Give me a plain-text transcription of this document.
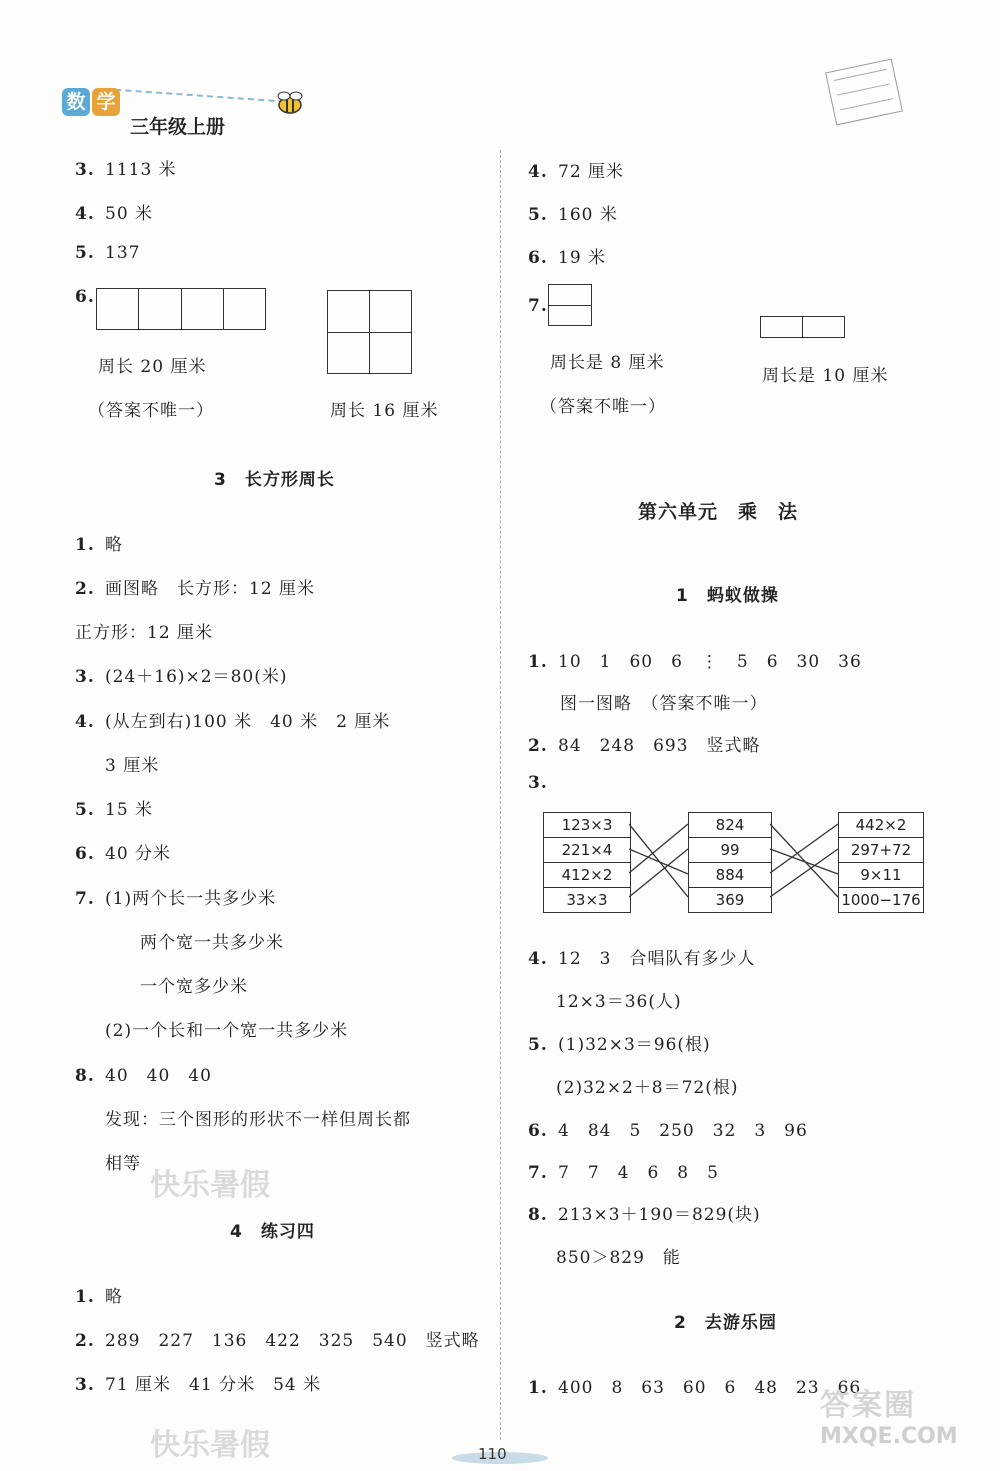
数 学
三年级上册
3. 1113 米
4. 50 米
5. 137
6.
周长 20 厘米
（答案不唯一）	周长 16 厘米
3　长方形周长
1. 略
2. 画图略　长方形：12 厘米
正方形：12 厘米
3. (24＋16)×2＝80(米)
4. (从左到右)100 米　40 米　2 厘米
3 厘米
5. 15 米
6. 40 分米
7. (1)两个长一共多少米
两个宽一共多少米
一个宽多少米
(2)一个长和一个宽一共多少米
8. 40　40　40
发现：三个图形的形状不一样但周长都
相等
快乐暑假
4　练习四
1. 略
2. 289　227　136　422　325　540　竖式略
3. 71 厘米　41 分米　54 米
快乐暑假
4. 72 厘米
5. 160 米
6. 19 米
7.
周长是 8 厘米
周长是 10 厘米
（答案不唯一）
第六单元　乘　法
1　蚂蚁做操
1. 10　1　60　6　⋮　5　6　30　36
图一图略　（答案不唯一）
2. 84　248　693　竖式略
3.
123×3
221×4
412×2
33×3
824
99
884
369
442×2
297+72
9×11
1000−176
4. 12　3　合唱队有多少人
12×3＝36(人)
5. (1)32×3＝96(根)
(2)32×2＋8＝72(根)
6. 4　84　5　250　32　3　96
7. 7　7　4　6　8　5
8. 213×3＋190＝829(块)
850＞829　能
2　去游乐园
1. 400　8　63　60　6　48　23　66
答案圈
MXQE.COM
110
